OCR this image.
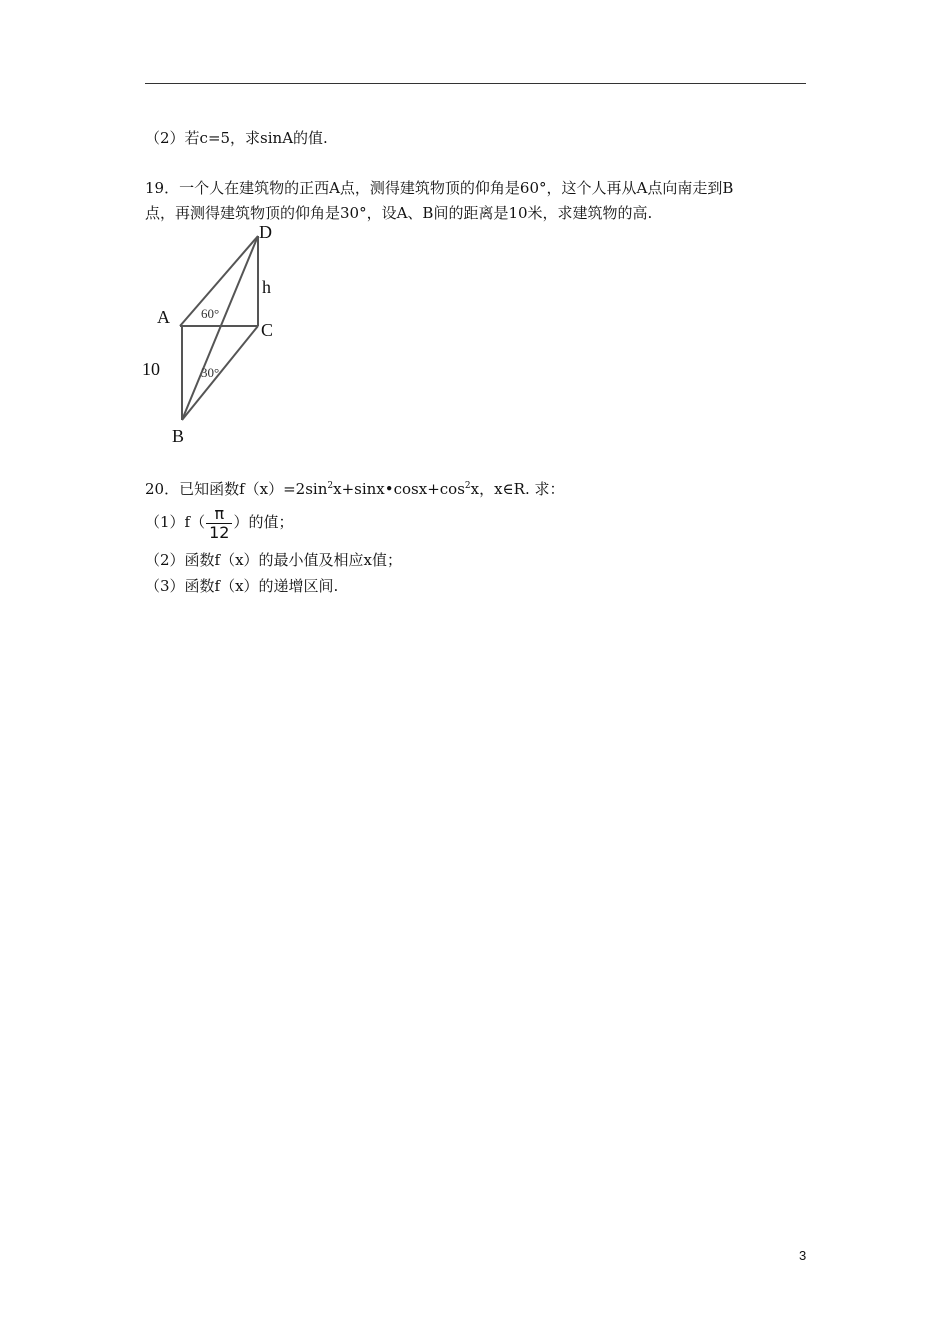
（2）若c=5，求sinA的值.
19．一个人在建筑物的正西A点，测得建筑物顶的仰角是60°，这个人再从A点向南走到B
点，再测得建筑物顶的仰角是30°，设A、B间的距离是10米，求建筑物的高.
D
h
A
C
10
B
60°
30°
20．已知函数$f(x)=2\sin^2x+\sin x•\cos x+\cos^2x$，x∈R. 求：
$(1)f( \frac{\pi}{12}$ ）的值；
（2）函数f（x）的最小值及相应x值；
（3）函数f（x）的递增区间.
3
